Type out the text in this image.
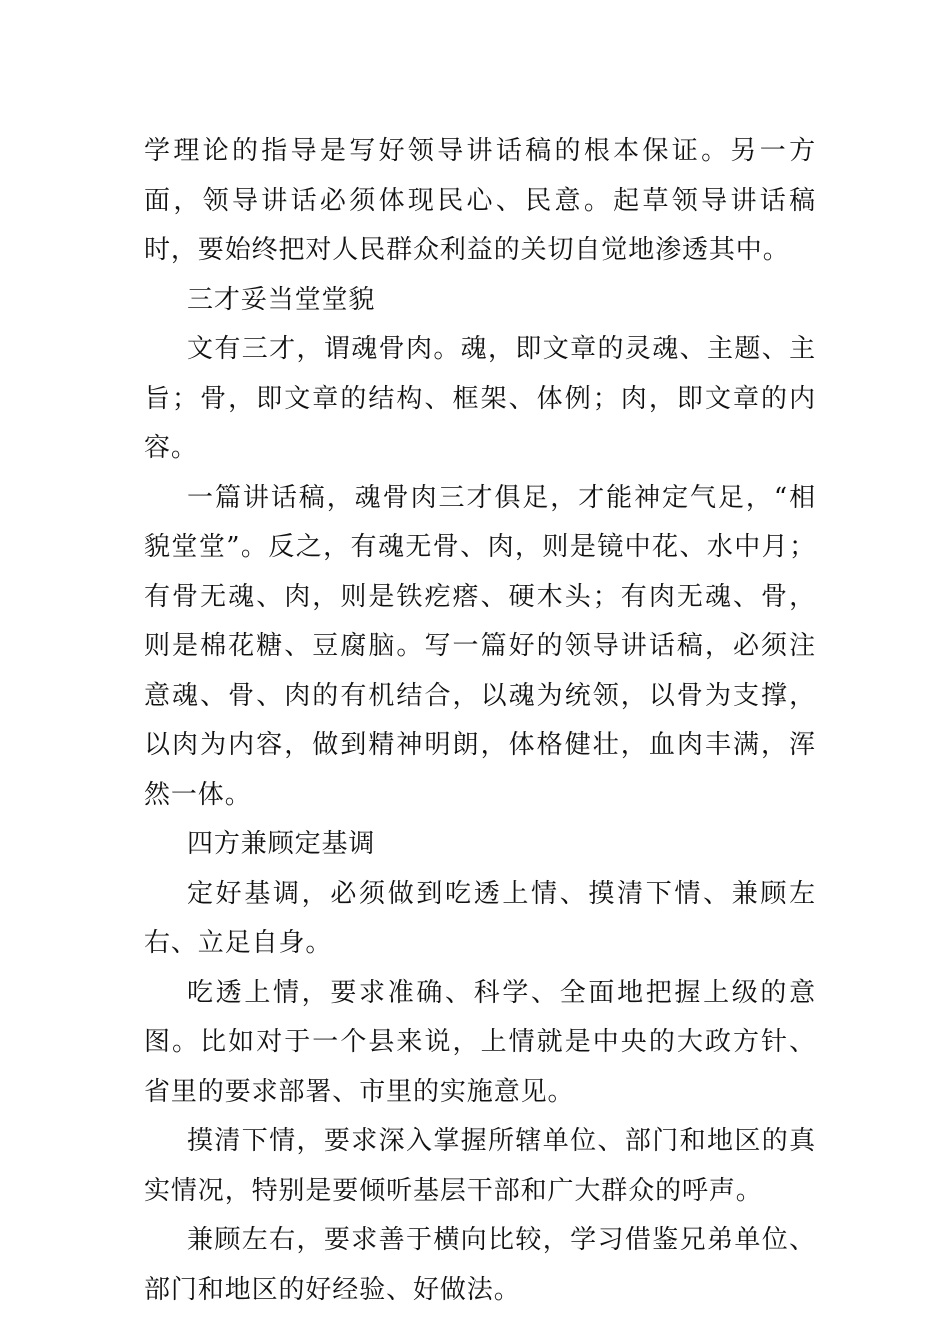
学理论的指导是写好领导讲话稿的根本保证。另一方面，领导讲话必须体现民心、民意。起草领导讲话稿时，要始终把对人民群众利益的关切自觉地渗透其中。

三才妥当堂堂貌

文有三才，谓魂骨肉。魂，即文章的灵魂、主题、主旨；骨，即文章的结构、框架、体例；肉，即文章的内容。

一篇讲话稿，魂骨肉三才俱足，才能神定气足，“相貌堂堂”。反之，有魂无骨、肉，则是镜中花、水中月；有骨无魂、肉，则是铁疙瘩、硬木头；有肉无魂、骨，则是棉花糖、豆腐脑。写一篇好的领导讲话稿，必须注意魂、骨、肉的有机结合，以魂为统领，以骨为支撑，以肉为内容，做到精神明朗，体格健壮，血肉丰满，浑然一体。

四方兼顾定基调

定好基调，必须做到吃透上情、摸清下情、兼顾左右、立足自身。

吃透上情，要求准确、科学、全面地把握上级的意图。比如对于一个县来说，上情就是中央的大政方针、省里的要求部署、市里的实施意见。

摸清下情，要求深入掌握所辖单位、部门和地区的真实情况，特别是要倾听基层干部和广大群众的呼声。

兼顾左右，要求善于横向比较，学习借鉴兄弟单位、部门和地区的好经验、好做法。
